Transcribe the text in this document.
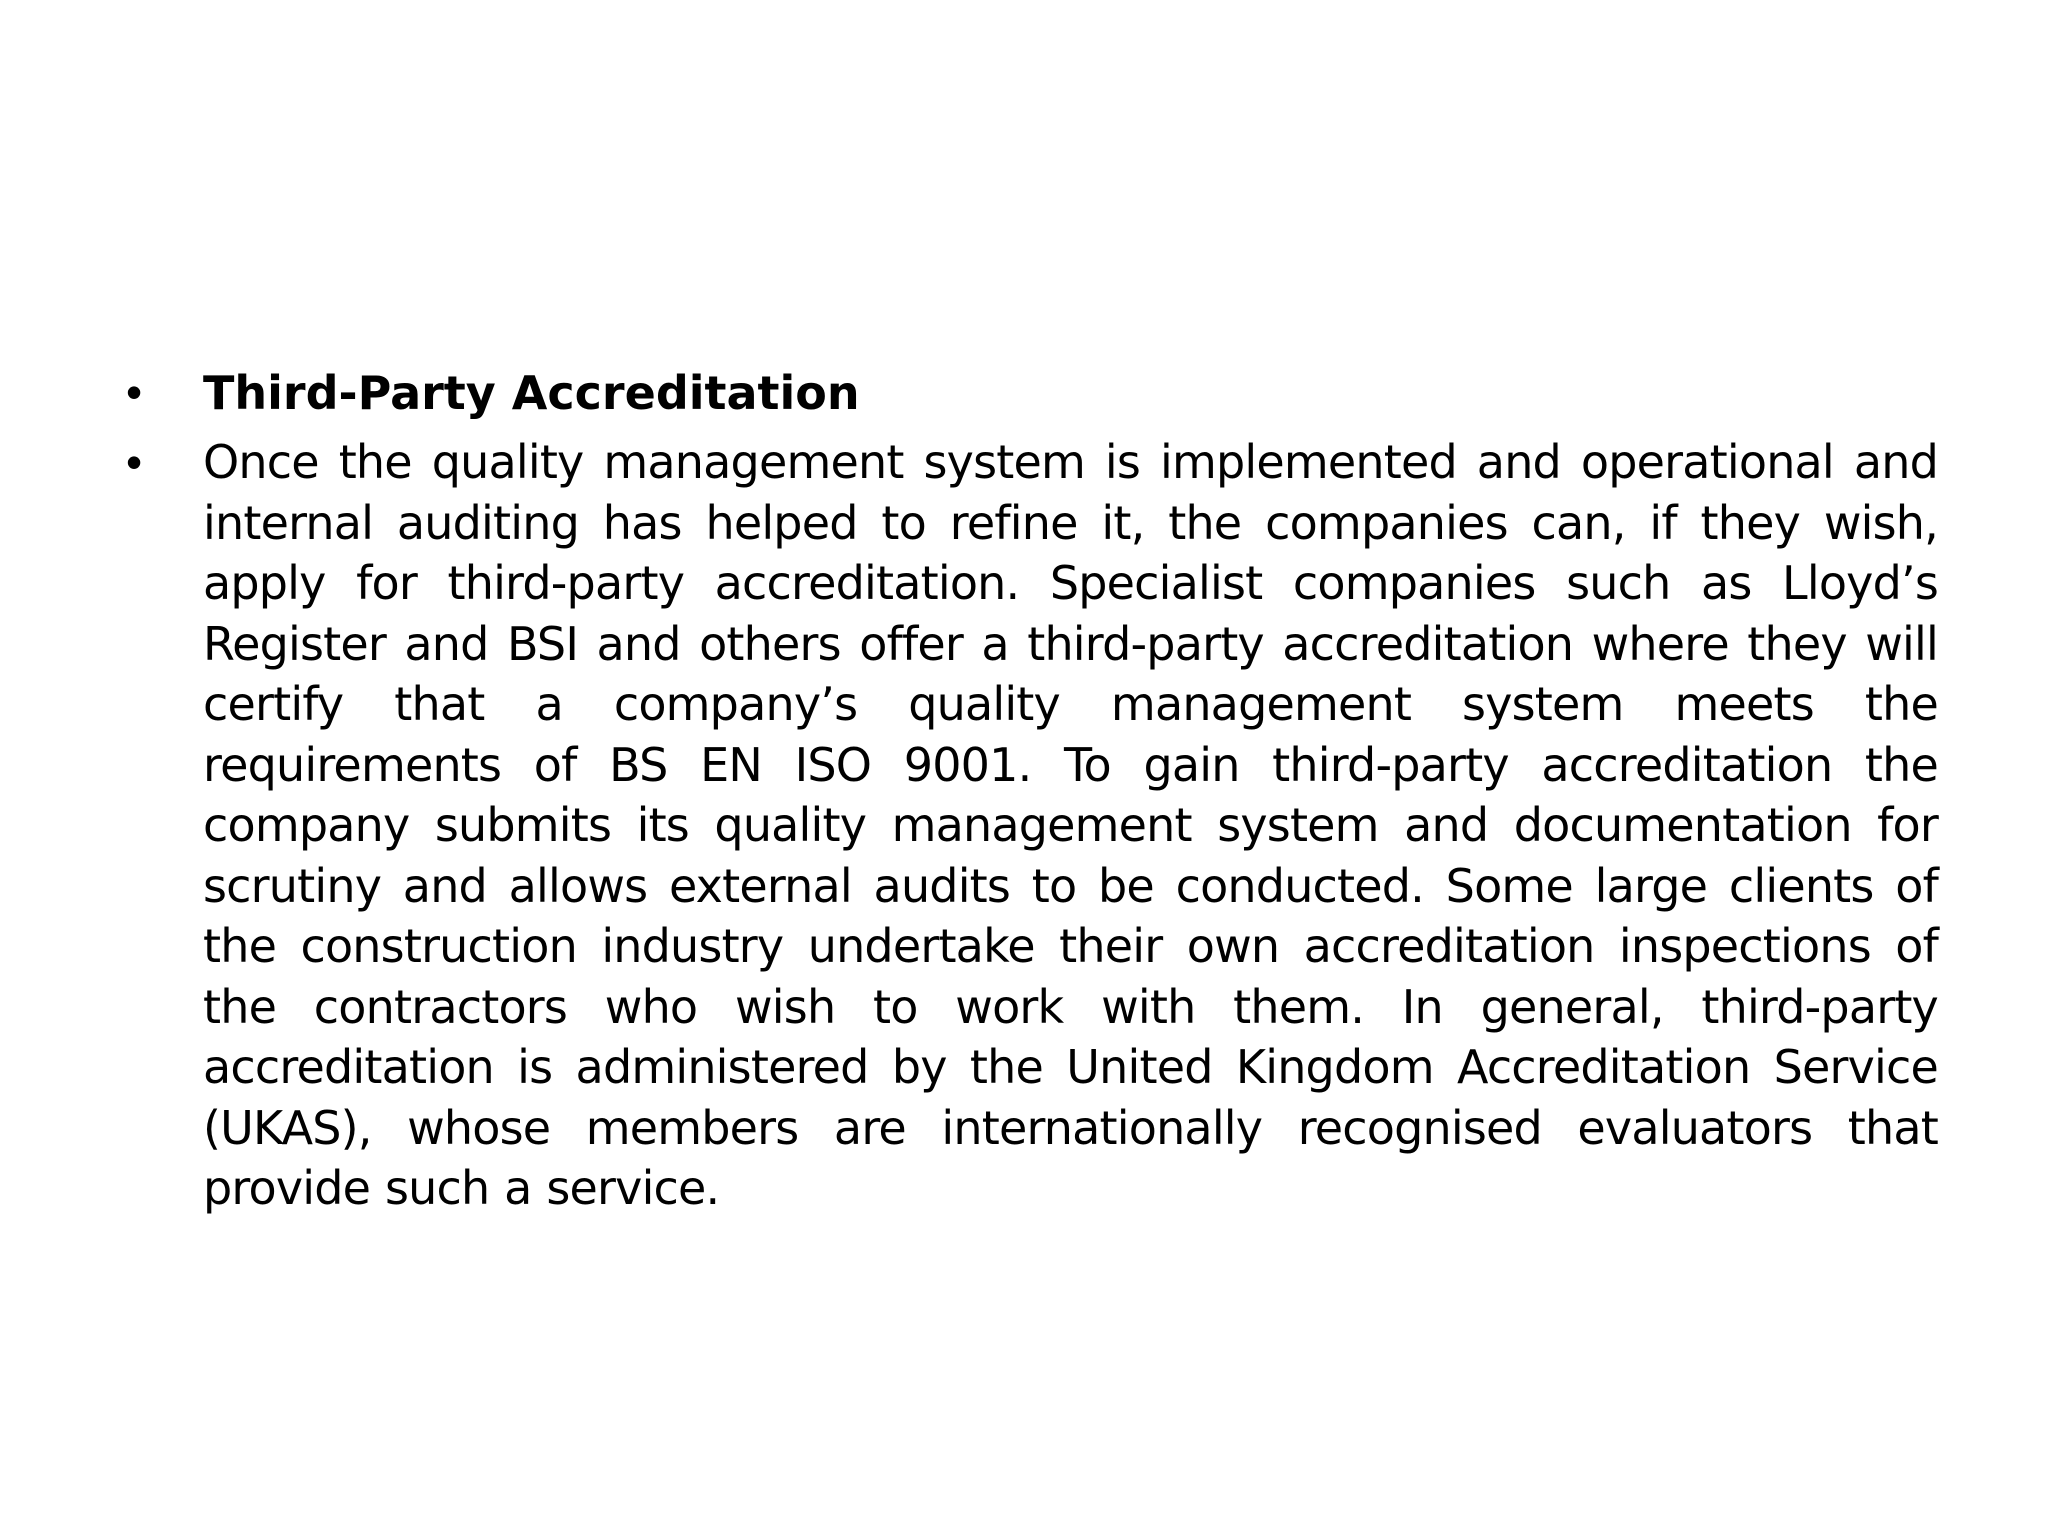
• Third-Party Accreditation
• Once the quality management system is implemented and operational and internal auditing has helped to refine it, the companies can, if they wish, apply for third-party accreditation. Specialist companies such as Lloyd’s Register and BSI and others offer a third-party accreditation where they will certify that a company’s quality management system meets the requirements of BS EN ISO 9001. To gain third-party accreditation the company submits its quality management system and documentation for scrutiny and allows external audits to be conducted. Some large clients of the construction industry undertake their own accreditation inspections of the contractors who wish to work with them. In general, third-party accreditation is administered by the United Kingdom Accreditation Service (UKAS), whose members are internationally recognised evaluators that provide such a service.
